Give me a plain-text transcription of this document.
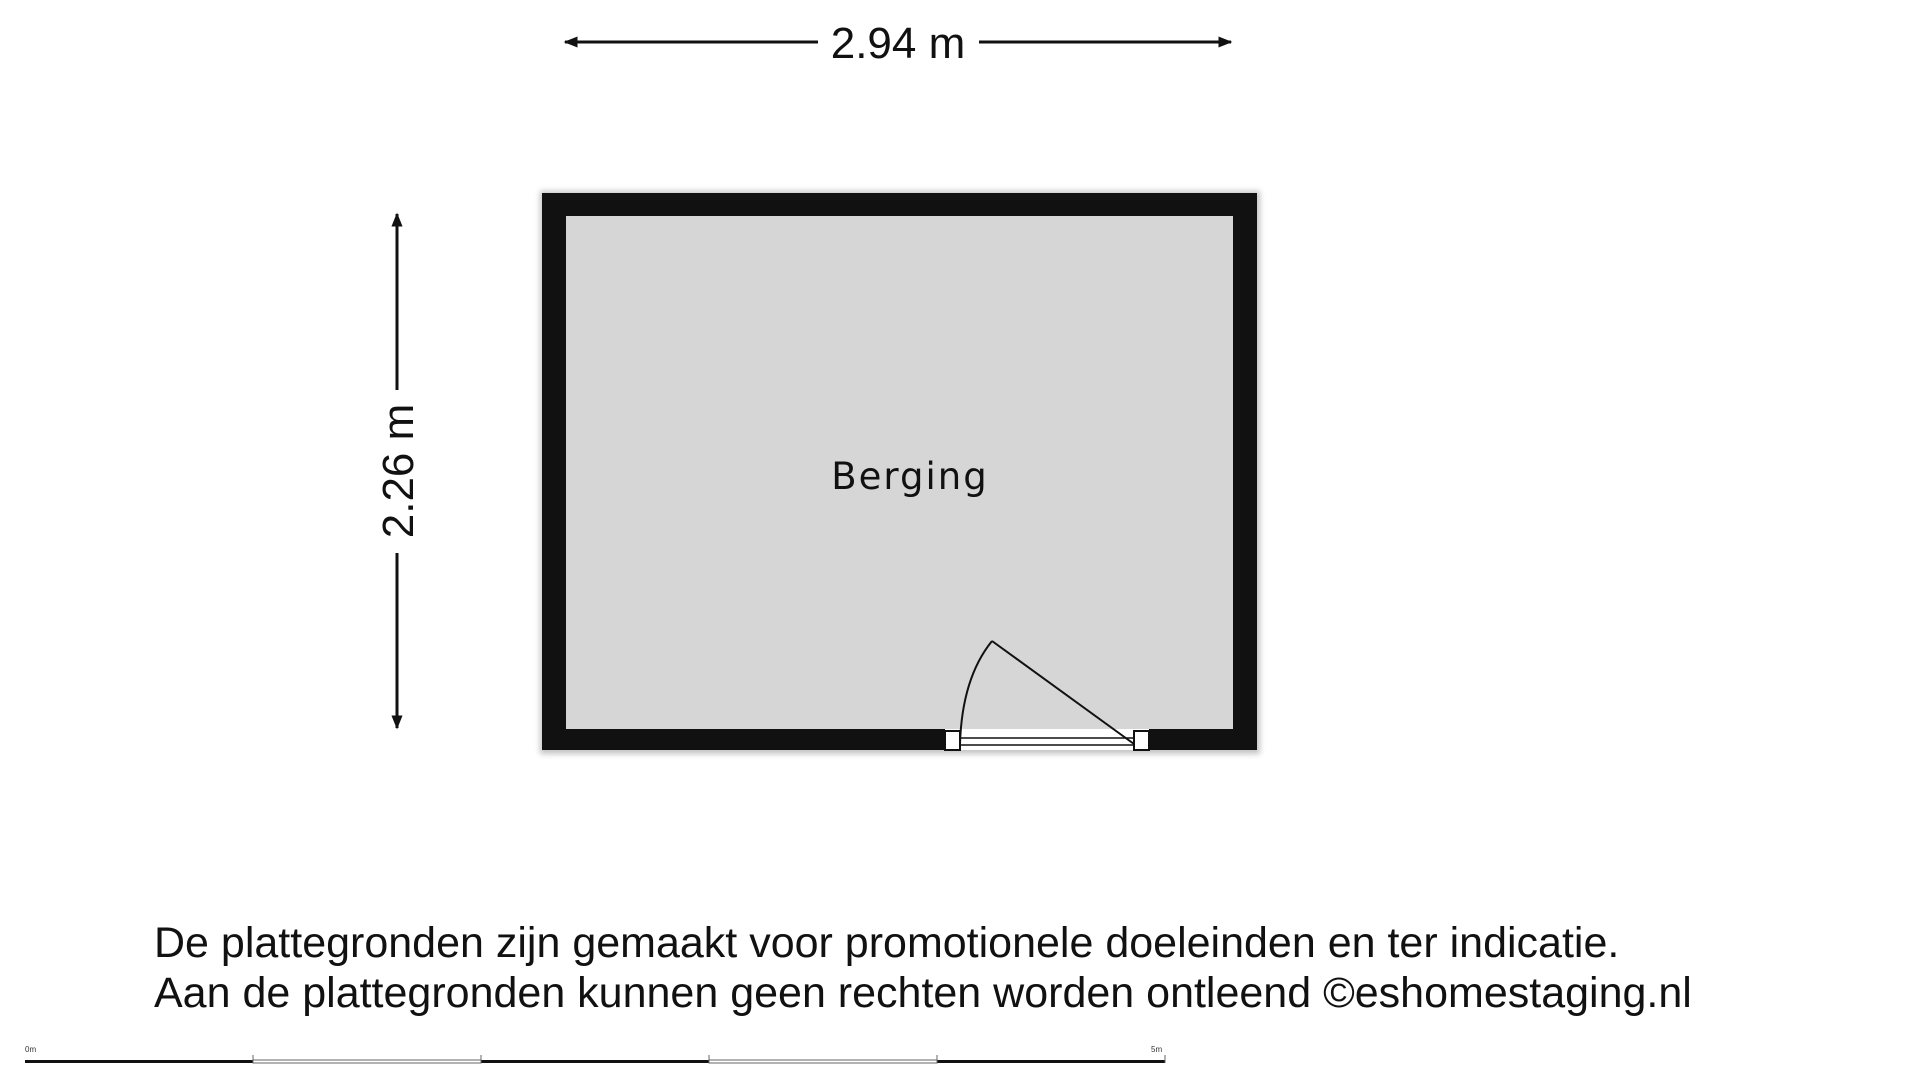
2.94 m
2.26 m	Berging
0m	5m
De plattegronden zijn gemaakt voor promotionele doeleinden en ter indicatie.
Aan de plattegronden kunnen geen rechten worden ontleend ©eshomestaging.nl
